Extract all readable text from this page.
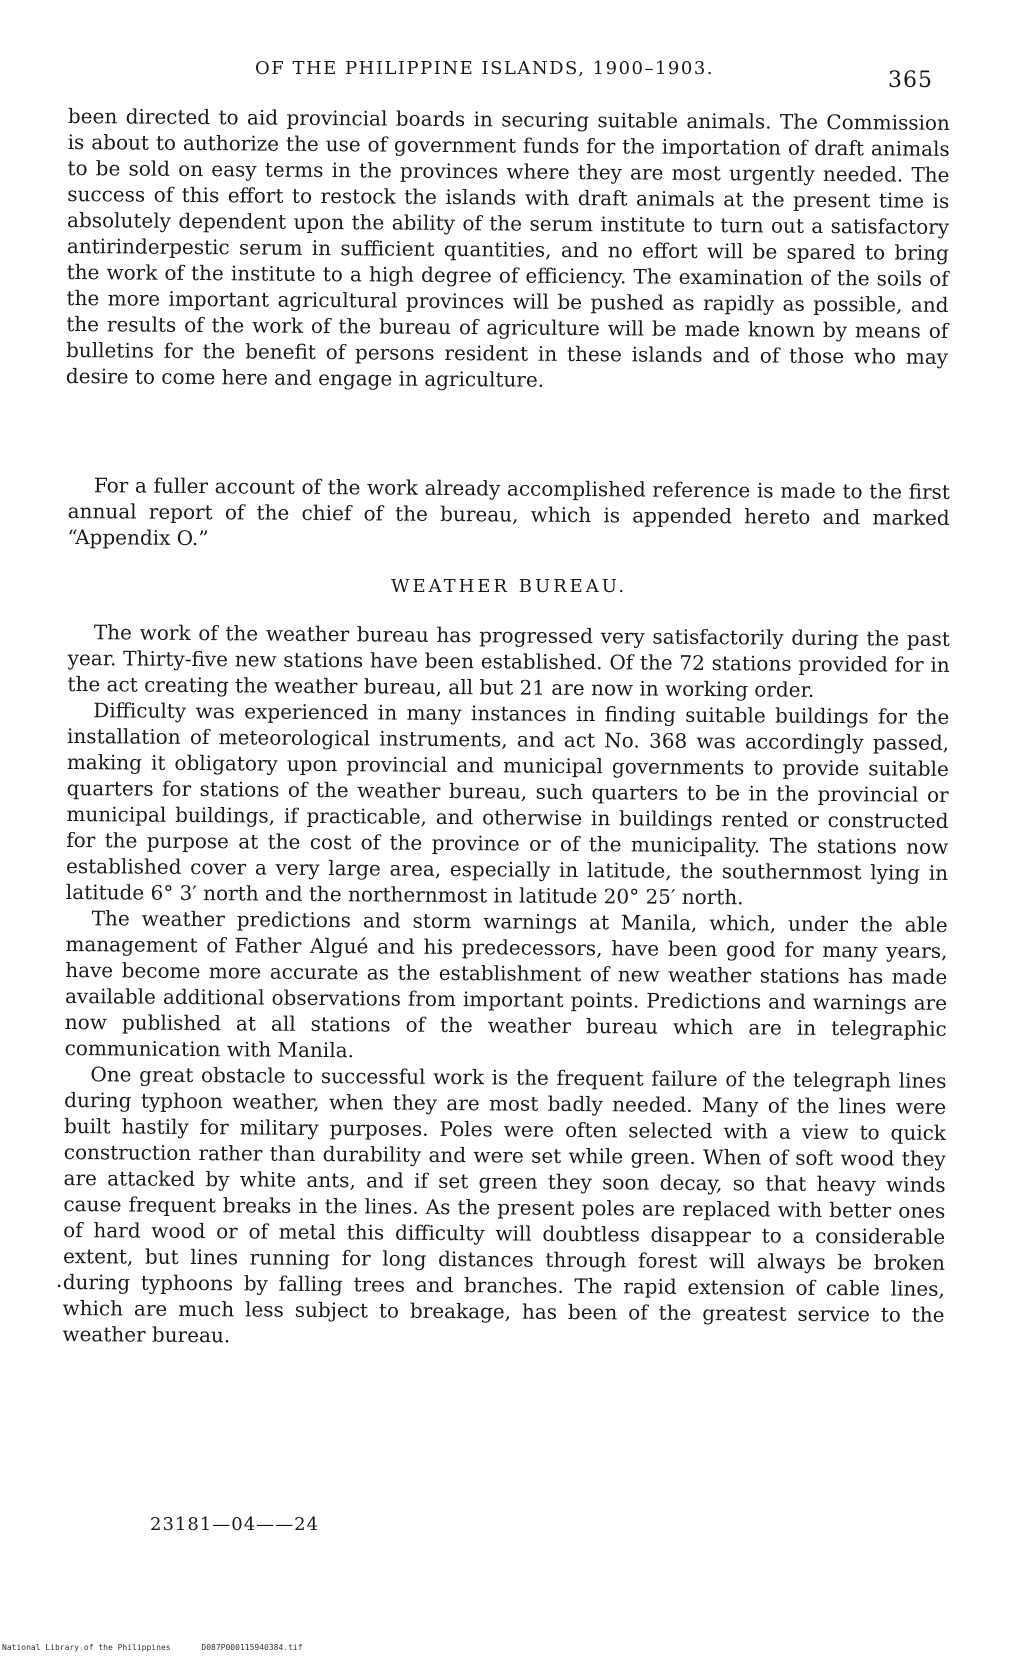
OF THE PHILIPPINE ISLANDS, 1900–1903.	365

been directed to aid provincial boards in securing suitable animals. The Commission is about to authorize the use of government funds for the importation of draft animals to be sold on easy terms in the provinces where they are most urgently needed. The success of this effort to restock the islands with draft animals at the present time is absolutely dependent upon the ability of the serum institute to turn out a satisfactory antirinderpestic serum in sufficient quantities, and no effort will be spared to bring the work of the institute to a high degree of efficiency. The examination of the soils of the more important agricultural provinces will be pushed as rapidly as possible, and the results of the work of the bureau of agriculture will be made known by means of bulletins for the benefit of persons resident in these islands and of those who may desire to come here and engage in agriculture.

For a fuller account of the work already accomplished reference is made to the first annual report of the chief of the bureau, which is appended hereto and marked “Appendix O.”

WEATHER BUREAU.

The work of the weather bureau has progressed very satisfactorily during the past year. Thirty-five new stations have been established. Of the 72 stations provided for in the act creating the weather bureau, all but 21 are now in working order.

Difficulty was experienced in many instances in finding suitable buildings for the installation of meteorological instruments, and act No. 368 was accordingly passed, making it obligatory upon provincial and municipal governments to provide suitable quarters for stations of the weather bureau, such quarters to be in the provincial or municipal buildings, if practicable, and otherwise in buildings rented or constructed for the purpose at the cost of the province or of the municipality. The stations now established cover a very large area, especially in latitude, the southernmost lying in latitude 6° 3′ north and the northernmost in latitude 20° 25′ north.

The weather predictions and storm warnings at Manila, which, under the able management of Father Algué and his predecessors, have been good for many years, have become more accurate as the establishment of new weather stations has made available additional observations from important points. Predictions and warnings are now published at all stations of the weather bureau which are in telegraphic communication with Manila.

One great obstacle to successful work is the frequent failure of the telegraph lines during typhoon weather, when they are most badly needed. Many of the lines were built hastily for military purposes. Poles were often selected with a view to quick construction rather than durability and were set while green. When of soft wood they are attacked by white ants, and if set green they soon decay, so that heavy winds cause frequent breaks in the lines. As the present poles are replaced with better ones of hard wood or of metal this difficulty will doubtless disappear to a considerable extent, but lines running for long distances through forest will always be broken during typhoons by falling trees and branches. The rapid extension of cable lines, which are much less subject to breakage, has been of the greatest service to the weather bureau.

.
23181—04——24
National Library of the Philippines	D087P000115940384.tif
